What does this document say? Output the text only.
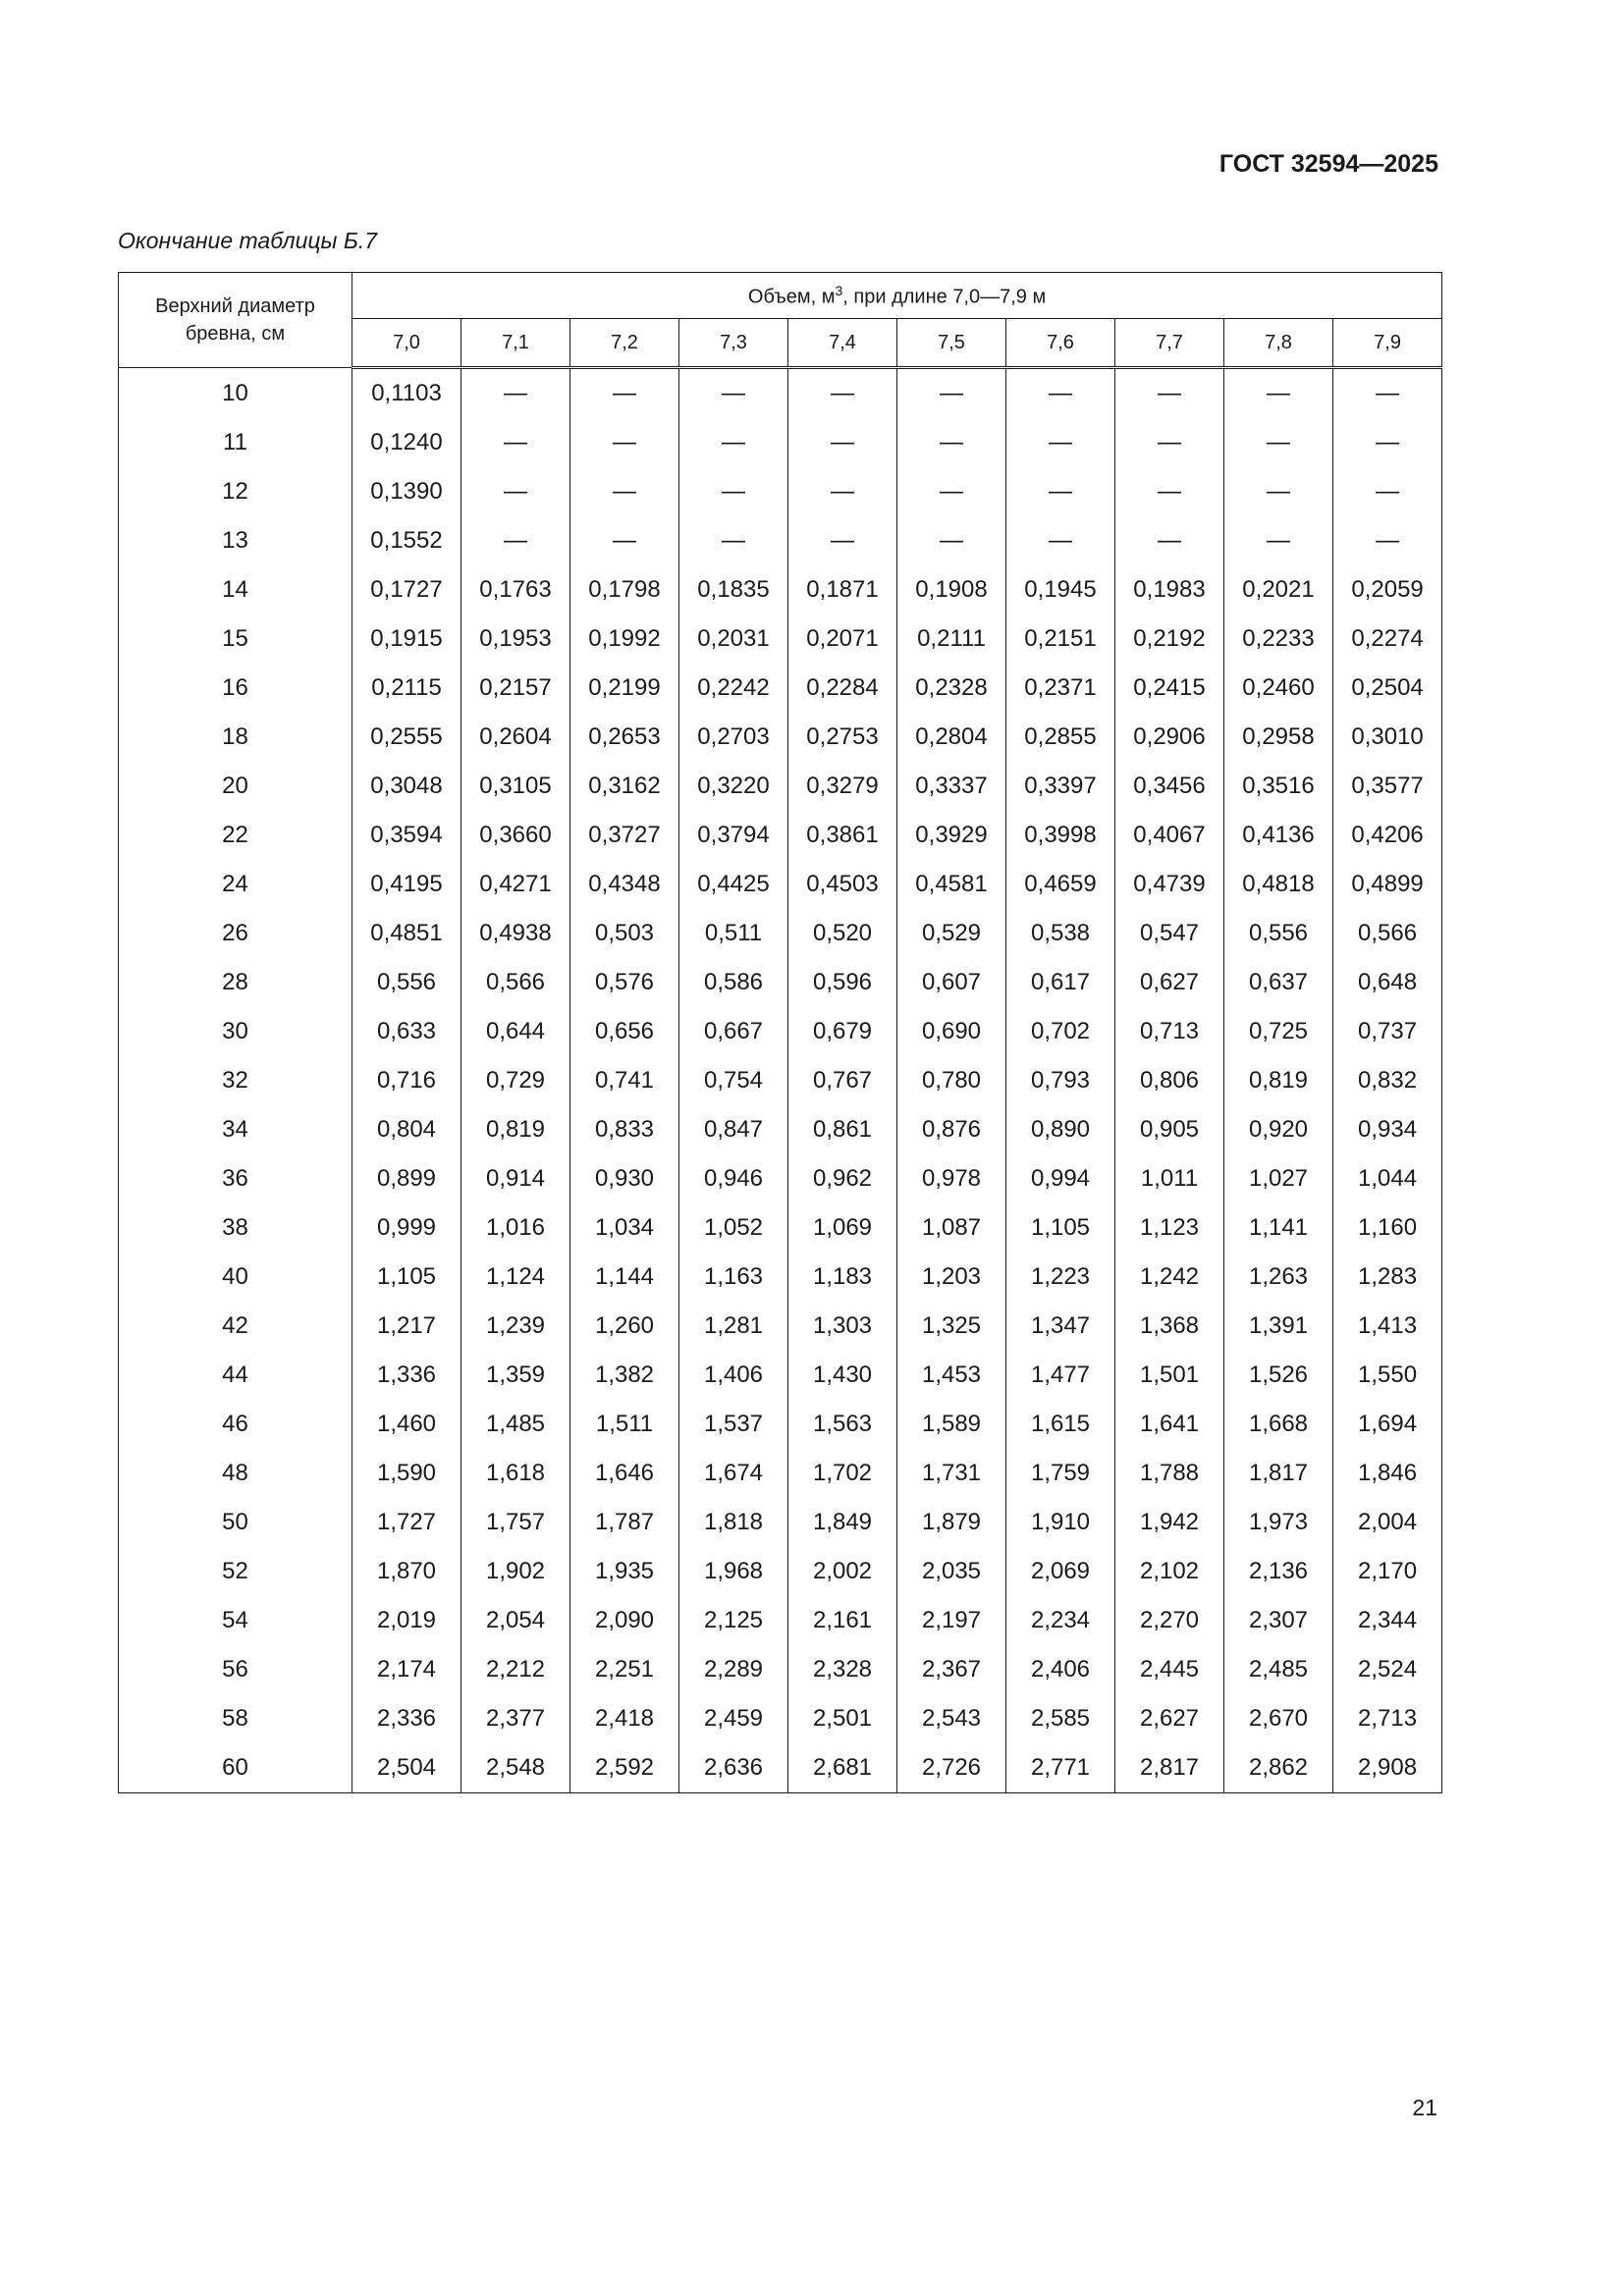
ГОСТ 32594—2025
Окончание таблицы Б.7
Верхний диаметр
бревна, см	Объем, $м^3$, при длине 7,0—7,9 м									
	7,0	7,1	7,2	7,3	7,4	7,5	7,6	7,7	7,8	7,9
10	0,1103	—	—	—	—	—	—	—	—	—
11	0,1240	—	—	—	—	—	—	—	—	—
12	0,1390	—	—	—	—	—	—	—	—	—
13	0,1552	—	—	—	—	—	—	—	—	—
14	0,1727	0,1763	0,1798	0,1835	0,1871	0,1908	0,1945	0,1983	0,2021	0,2059
15	0,1915	0,1953	0,1992	0,2031	0,2071	0,2111	0,2151	0,2192	0,2233	0,2274
16	0,2115	0,2157	0,2199	0,2242	0,2284	0,2328	0,2371	0,2415	0,2460	0,2504
18	0,2555	0,2604	0,2653	0,2703	0,2753	0,2804	0,2855	0,2906	0,2958	0,3010
20	0,3048	0,3105	0,3162	0,3220	0,3279	0,3337	0,3397	0,3456	0,3516	0,3577
22	0,3594	0,3660	0,3727	0,3794	0,3861	0,3929	0,3998	0,4067	0,4136	0,4206
24	0,4195	0,4271	0,4348	0,4425	0,4503	0,4581	0,4659	0,4739	0,4818	0,4899
26	0,4851	0,4938	0,503	0,511	0,520	0,529	0,538	0,547	0,556	0,566
28	0,556	0,566	0,576	0,586	0,596	0,607	0,617	0,627	0,637	0,648
30	0,633	0,644	0,656	0,667	0,679	0,690	0,702	0,713	0,725	0,737
32	0,716	0,729	0,741	0,754	0,767	0,780	0,793	0,806	0,819	0,832
34	0,804	0,819	0,833	0,847	0,861	0,876	0,890	0,905	0,920	0,934
36	0,899	0,914	0,930	0,946	0,962	0,978	0,994	1,011	1,027	1,044
38	0,999	1,016	1,034	1,052	1,069	1,087	1,105	1,123	1,141	1,160
40	1,105	1,124	1,144	1,163	1,183	1,203	1,223	1,242	1,263	1,283
42	1,217	1,239	1,260	1,281	1,303	1,325	1,347	1,368	1,391	1,413
44	1,336	1,359	1,382	1,406	1,430	1,453	1,477	1,501	1,526	1,550
46	1,460	1,485	1,511	1,537	1,563	1,589	1,615	1,641	1,668	1,694
48	1,590	1,618	1,646	1,674	1,702	1,731	1,759	1,788	1,817	1,846
50	1,727	1,757	1,787	1,818	1,849	1,879	1,910	1,942	1,973	2,004
52	1,870	1,902	1,935	1,968	2,002	2,035	2,069	2,102	2,136	2,170
54	2,019	2,054	2,090	2,125	2,161	2,197	2,234	2,270	2,307	2,344
56	2,174	2,212	2,251	2,289	2,328	2,367	2,406	2,445	2,485	2,524
58	2,336	2,377	2,418	2,459	2,501	2,543	2,585	2,627	2,670	2,713
60	2,504	2,548	2,592	2,636	2,681	2,726	2,771	2,817	2,862	2,908
21
